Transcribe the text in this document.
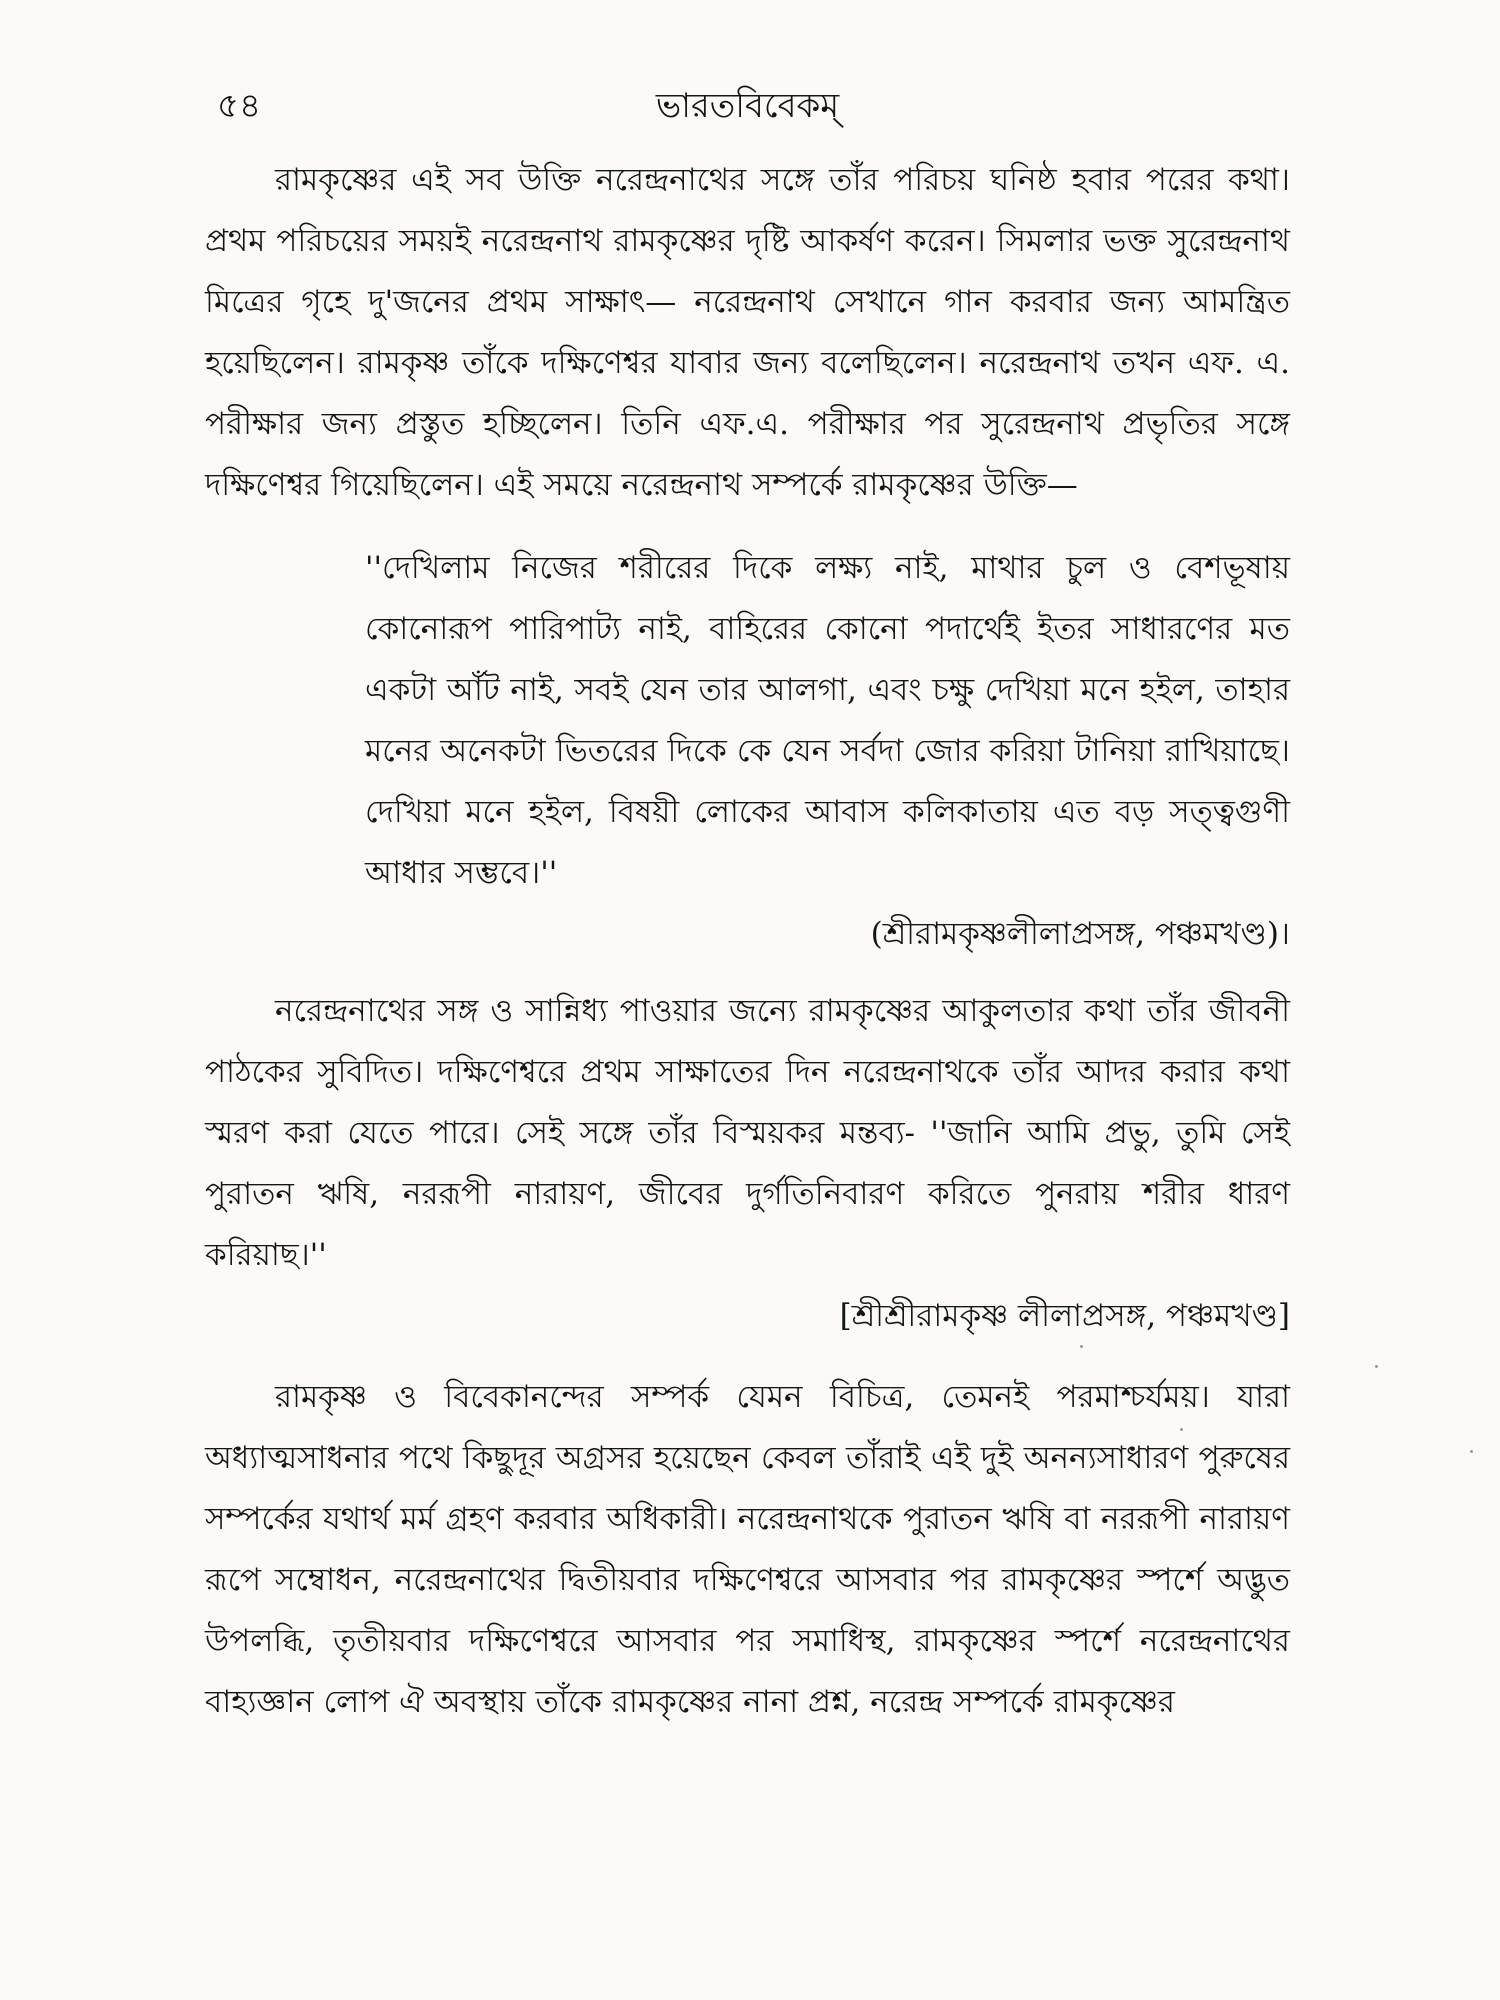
৫৪	ভারতবিবেকম্

রামকৃষ্ণের এই সব উক্তি নরেন্দ্রনাথের সঙ্গে তাঁর পরিচয় ঘনিষ্ঠ হবার পরের কথা। প্রথম পরিচয়ের সময়ই নরেন্দ্রনাথ রামকৃষ্ণের দৃষ্টি আকর্ষণ করেন। সিমলার ভক্ত সুরেন্দ্রনাথ মিত্রের গৃহে দু'জনের প্রথম সাক্ষাৎ— নরেন্দ্রনাথ সেখানে গান করবার জন্য আমন্ত্রিত হয়েছিলেন। রামকৃষ্ণ তাঁকে দক্ষিণেশ্বর যাবার জন্য বলেছিলেন। নরেন্দ্রনাথ তখন এফ. এ. পরীক্ষার জন্য প্রস্তুত হচ্ছিলেন। তিনি এফ.এ. পরীক্ষার পর সুরেন্দ্রনাথ প্রভৃতির সঙ্গে দক্ষিণেশ্বর গিয়েছিলেন। এই সময়ে নরেন্দ্রনাথ সম্পর্কে রামকৃষ্ণের উক্তি—

''দেখিলাম নিজের শরীরের দিকে লক্ষ্য নাই, মাথার চুল ও বেশভূষায় কোনোরূপ পারিপাট্য নাই, বাহিরের কোনো পদার্থেই ইতর সাধারণের মত একটা আঁট নাই, সবই যেন তার আলগা, এবং চক্ষু দেখিয়া মনে হইল, তাহার মনের অনেকটা ভিতরের দিকে কে যেন সর্বদা জোর করিয়া টানিয়া রাখিয়াছে। দেখিয়া মনে হইল, বিষয়ী লোকের আবাস কলিকাতায় এত বড় সত্ত্বগুণী আধার সম্ভবে।''

(শ্রীরামকৃষ্ণলীলাপ্রসঙ্গ, পঞ্চমখণ্ড)।

নরেন্দ্রনাথের সঙ্গ ও সান্নিধ্য পাওয়ার জন্যে রামকৃষ্ণের আকুলতার কথা তাঁর জীবনী পাঠকের সুবিদিত। দক্ষিণেশ্বরে প্রথম সাক্ষাতের দিন নরেন্দ্রনাথকে তাঁর আদর করার কথা স্মরণ করা যেতে পারে। সেই সঙ্গে তাঁর বিস্ময়কর মন্তব্য- ''জানি আমি প্রভু, তুমি সেই পুরাতন ঋষি, নররূপী নারায়ণ, জীবের দুর্গতিনিবারণ করিতে পুনরায় শরীর ধারণ করিয়াছ।''

[শ্রীশ্রীরামকৃষ্ণ লীলাপ্রসঙ্গ, পঞ্চমখণ্ড]

রামকৃষ্ণ ও বিবেকানন্দের সম্পর্ক যেমন বিচিত্র, তেমনই পরমাশ্চর্যময়। যারা অধ্যাত্মসাধনার পথে কিছুদূর অগ্রসর হয়েছেন কেবল তাঁরাই এই দুই অনন্যসাধারণ পুরুষের সম্পর্কের যথার্থ মর্ম গ্রহণ করবার অধিকারী। নরেন্দ্রনাথকে পুরাতন ঋষি বা নররূপী নারায়ণ রূপে সম্বোধন, নরেন্দ্রনাথের দ্বিতীয়বার দক্ষিণেশ্বরে আসবার পর রামকৃষ্ণের স্পর্শে অদ্ভুত উপলব্ধি, তৃতীয়বার দক্ষিণেশ্বরে আসবার পর সমাধিস্থ, রামকৃষ্ণের স্পর্শে নরেন্দ্রনাথের বাহ্যজ্ঞান লোপ ঐ অবস্থায় তাঁকে রামকৃষ্ণের নানা প্রশ্ন, নরেন্দ্র সম্পর্কে রামকৃষ্ণের
